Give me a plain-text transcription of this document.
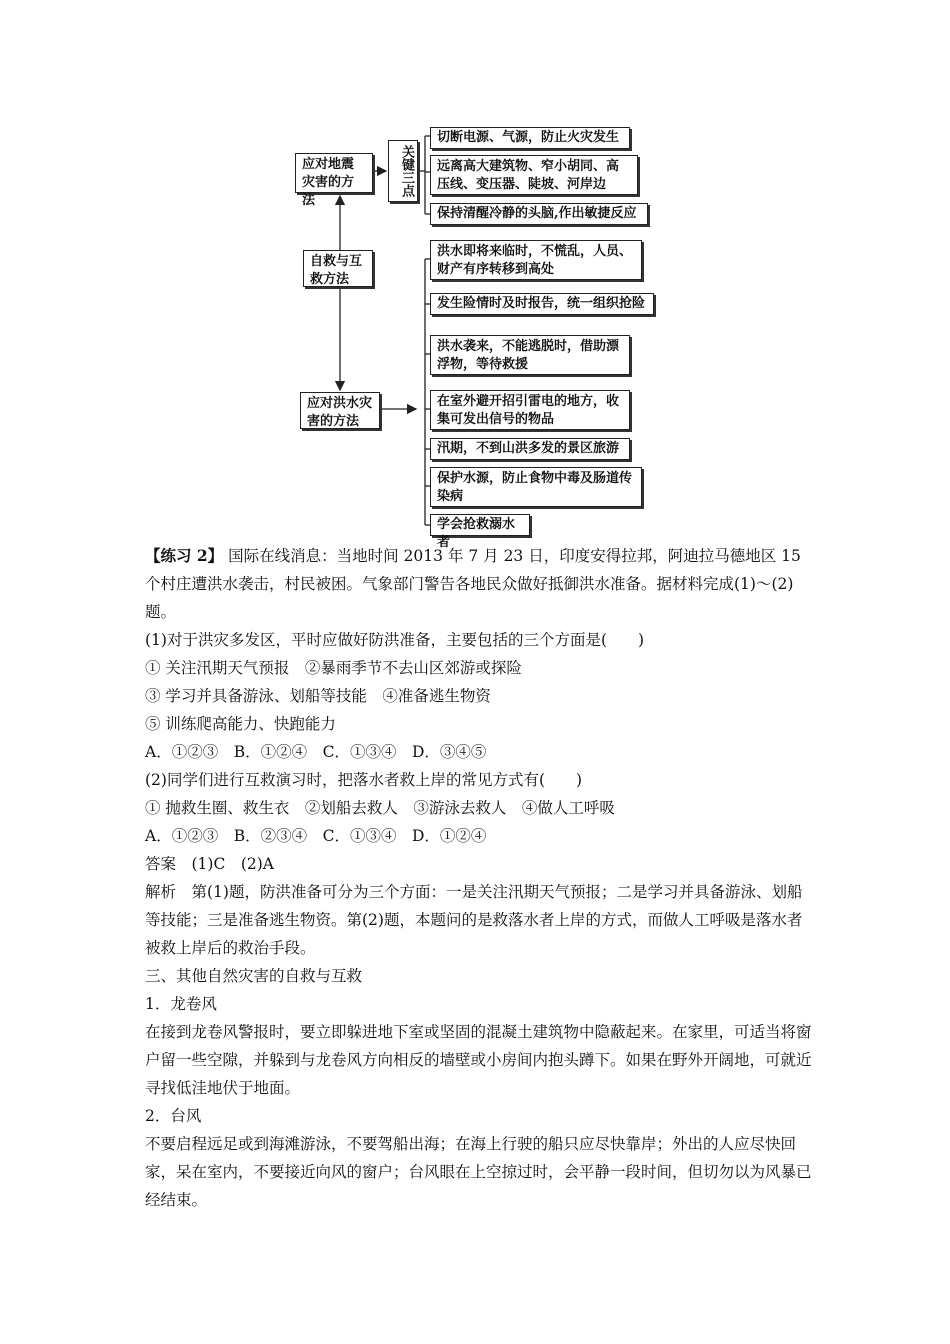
应对地震灾害的方法
关键三点
切断电源、气源，防止火灾发生
远离高大建筑物、窄小胡同、高压线、变压器、陡坡、河岸边
保持清醒冷静的头脑,作出敏捷反应
自救与互救方法
应对洪水灾害的方法
洪水即将来临时，不慌乱，人员、财产有序转移到高处
发生险情时及时报告，统一组织抢险
洪水袭来，不能逃脱时，借助漂浮物，等待救援
在室外避开招引雷电的地方，收集可发出信号的物品
汛期，不到山洪多发的景区旅游
保护水源，防止食物中毒及肠道传染病
学会抢救溺水者

【练习 2】 国际在线消息：当地时间 2013 年 7 月 23 日，印度安得拉邦，阿迪拉马德地区 15 个村庄遭洪水袭击，村民被困。气象部门警告各地民众做好抵御洪水准备。据材料完成(1)～(2)题。

(1)对于洪灾多发区，平时应做好防洪准备，主要包括的三个方面是(　　)

① 关注汛期天气预报　②暴雨季节不去山区郊游或探险

③ 学习并具备游泳、划船等技能　④准备逃生物资

⑤ 训练爬高能力、快跑能力

A．①②③　B．①②④　C．①③④　D．③④⑤

(2)同学们进行互救演习时，把落水者救上岸的常见方式有(　　)

① 抛救生圈、救生衣　②划船去救人　③游泳去救人　④做人工呼吸

A．①②③　B．②③④　C．①③④　D．①②④

答案　(1)C　(2)A

解析　第(1)题，防洪准备可分为三个方面：一是关注汛期天气预报；二是学习并具备游泳、划船等技能；三是准备逃生物资。第(2)题，本题问的是救落水者上岸的方式，而做人工呼吸是落水者被救上岸后的救治手段。

三、其他自然灾害的自救与互救

1．龙卷风

在接到龙卷风警报时，要立即躲进地下室或坚固的混凝土建筑物中隐蔽起来。在家里，可适当将窗户留一些空隙，并躲到与龙卷风方向相反的墙壁或小房间内抱头蹲下。如果在野外开阔地，可就近寻找低洼地伏于地面。

2．台风

不要启程远足或到海滩游泳，不要驾船出海；在海上行驶的船只应尽快靠岸；外出的人应尽快回家，呆在室内，不要接近向风的窗户；台风眼在上空掠过时，会平静一段时间，但切勿以为风暴已经结束。
